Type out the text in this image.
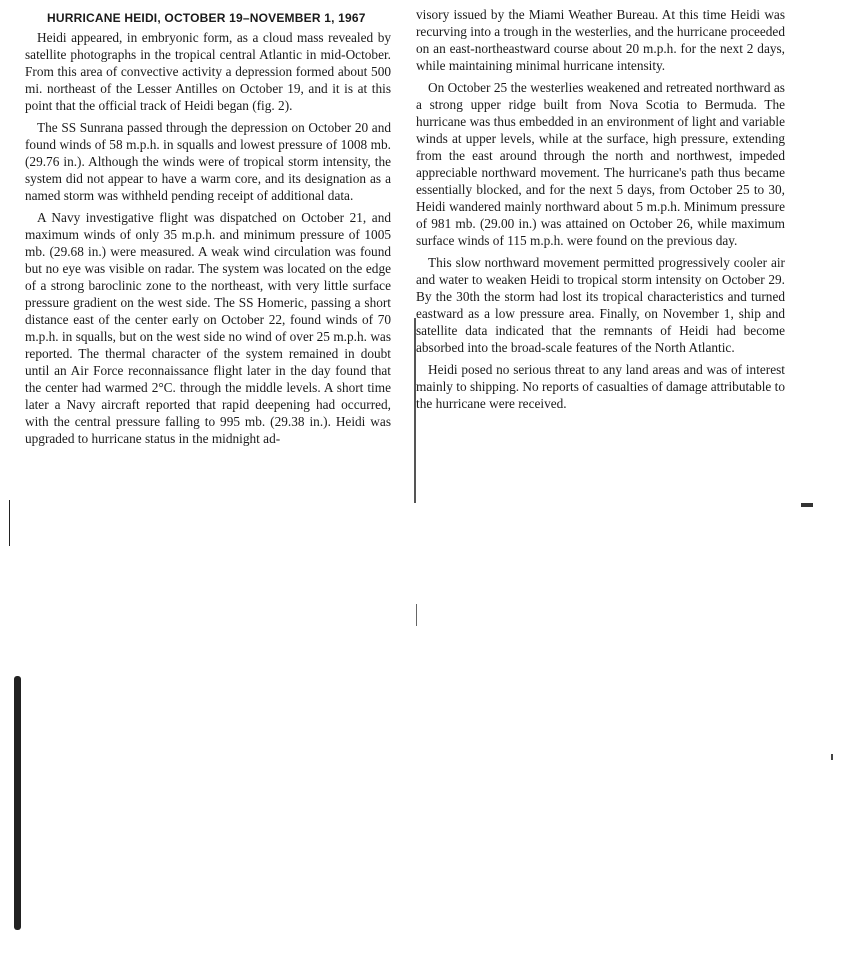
HURRICANE HEIDI, OCTOBER 19–NOVEMBER 1, 1967

Heidi appeared, in embryonic form, as a cloud mass revealed by satellite photographs in the tropical central Atlantic in mid-October. From this area of convective activity a depression formed about 500 mi. northeast of the Lesser Antilles on October 19, and it is at this point that the official track of Heidi began (fig. 2).

The SS Sunrana passed through the depression on October 20 and found winds of 58 m.p.h. in squalls and lowest pressure of 1008 mb. (29.76 in.). Although the winds were of tropical storm intensity, the system did not appear to have a warm core, and its designation as a named storm was withheld pending receipt of additional data.

A Navy investigative flight was dispatched on October 21, and maximum winds of only 35 m.p.h. and minimum pressure of 1005 mb. (29.68 in.) were measured. A weak wind circulation was found but no eye was visible on radar. The system was located on the edge of a strong baroclinic zone to the northeast, with very little surface pressure gradient on the west side. The SS Homeric, passing a short distance east of the center early on October 22, found winds of 70 m.p.h. in squalls, but on the west side no wind of over 25 m.p.h. was reported. The thermal character of the system remained in doubt until an Air Force reconnaissance flight later in the day found that the center had warmed 2°C. through the middle levels. A short time later a Navy aircraft reported that rapid deepening had occurred, with the central pressure falling to 995 mb. (29.38 in.). Heidi was upgraded to hurricane status in the midnight ad-

visory issued by the Miami Weather Bureau. At this time Heidi was recurving into a trough in the westerlies, and the hurricane proceeded on an east-northeastward course about 20 m.p.h. for the next 2 days, while maintaining minimal hurricane intensity.

On October 25 the westerlies weakened and retreated northward as a strong upper ridge built from Nova Scotia to Bermuda. The hurricane was thus embedded in an environment of light and variable winds at upper levels, while at the surface, high pressure, extending from the east around through the north and northwest, impeded appreciable northward movement. The hurricane's path thus became essentially blocked, and for the next 5 days, from October 25 to 30, Heidi wandered mainly northward about 5 m.p.h. Minimum pressure of 981 mb. (29.00 in.) was attained on October 26, while maximum surface winds of 115 m.p.h. were found on the previous day.

This slow northward movement permitted progressively cooler air and water to weaken Heidi to tropical storm intensity on October 29. By the 30th the storm had lost its tropical characteristics and turned eastward as a low pressure area. Finally, on November 1, ship and satellite data indicated that the remnants of Heidi had become absorbed into the broad-scale features of the North Atlantic.

Heidi posed no serious threat to any land areas and was of interest mainly to shipping. No reports of casualties of damage attributable to the hurricane were received.
